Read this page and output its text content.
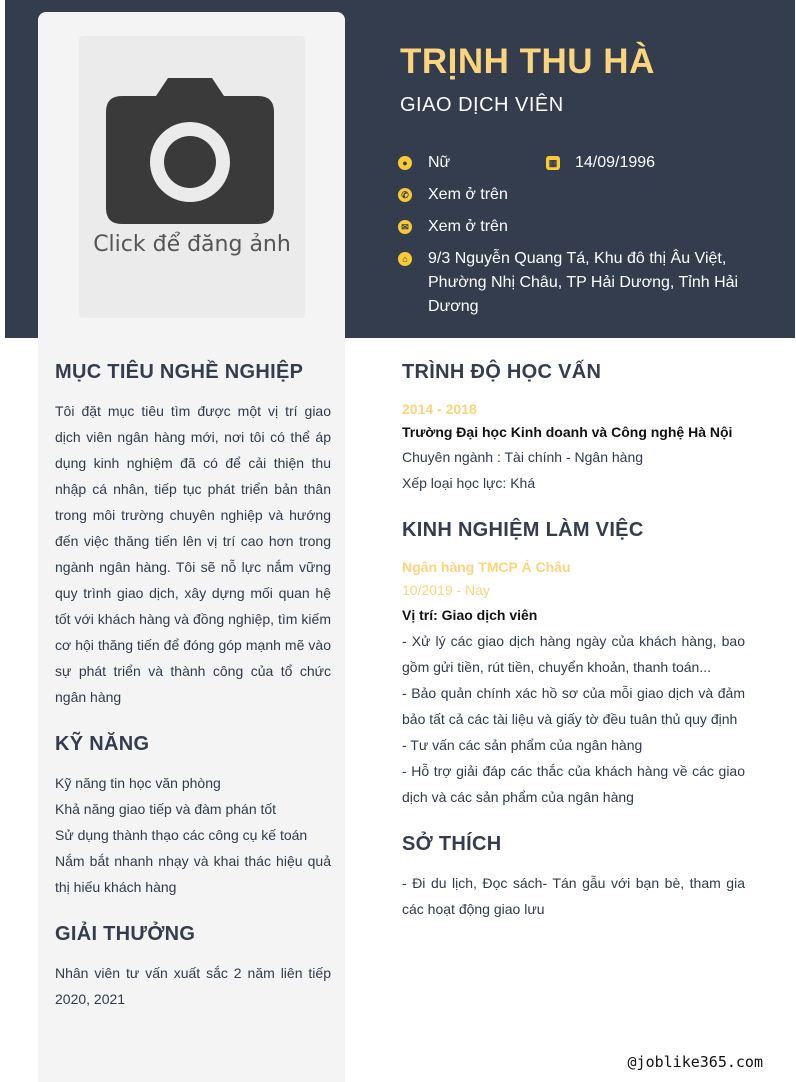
Click để đăng ảnh
TRỊNH THU HÀ
GIAO DỊCH VIÊN
● Nữ	▦ 14/09/1996
✆ Xem ở trên
✉ Xem ở trên
⌂ 9/3 Nguyễn Quang Tá, Khu đô thị Âu Việt, Phường Nhị Châu, TP Hải Dương, Tỉnh Hải Dương
MỤC TIÊU NGHỀ NGHIỆP
Tôi đặt mục tiêu tìm được một vị trí giao dịch viên ngân hàng mới, nơi tôi có thể áp dụng kinh nghiệm đã có để cải thiện thu nhập cá nhân, tiếp tục phát triển bản thân trong môi trường chuyên nghiệp và hướng đến việc thăng tiến lên vị trí cao hơn trong ngành ngân hàng. Tôi sẽ nỗ lực nắm vững quy trình giao dịch, xây dựng mối quan hệ tốt với khách hàng và đồng nghiệp, tìm kiếm cơ hội thăng tiến để đóng góp mạnh mẽ vào sự phát triển và thành công của tổ chức ngân hàng
KỸ NĂNG
Kỹ năng tin học văn phòng
Khả năng giao tiếp và đàm phán tốt
Sử dụng thành thạo các công cụ kế toán
Nắm bắt nhanh nhạy và khai thác hiệu quả thị hiếu khách hàng
GIẢI THƯỞNG
Nhân viên tư vấn xuất sắc 2 năm liên tiếp 2020, 2021
TRÌNH ĐỘ HỌC VẤN
2014 - 2018
Trường Đại học Kinh doanh và Công nghệ Hà Nội
Chuyên ngành : Tài chính - Ngân hàng
Xếp loại học lực: Khá
KINH NGHIỆM LÀM VIỆC
Ngân hàng TMCP Á Châu
10/2019 - Nay
Vị trí: Giao dịch viên
- Xử lý các giao dịch hàng ngày của khách hàng, bao gồm gửi tiền, rút tiền, chuyển khoản, thanh toán...
- Bảo quản chính xác hồ sơ của mỗi giao dịch và đảm bảo tất cả các tài liệu và giấy tờ đều tuân thủ quy định
- Tư vấn các sản phẩm của ngân hàng
- Hỗ trợ giải đáp các thắc của khách hàng về các giao dịch và các sản phẩm của ngân hàng
SỞ THÍCH
- Đi du lịch, Đọc sách- Tán gẫu với bạn bè, tham gia các hoạt động giao lưu
@joblike365.com
